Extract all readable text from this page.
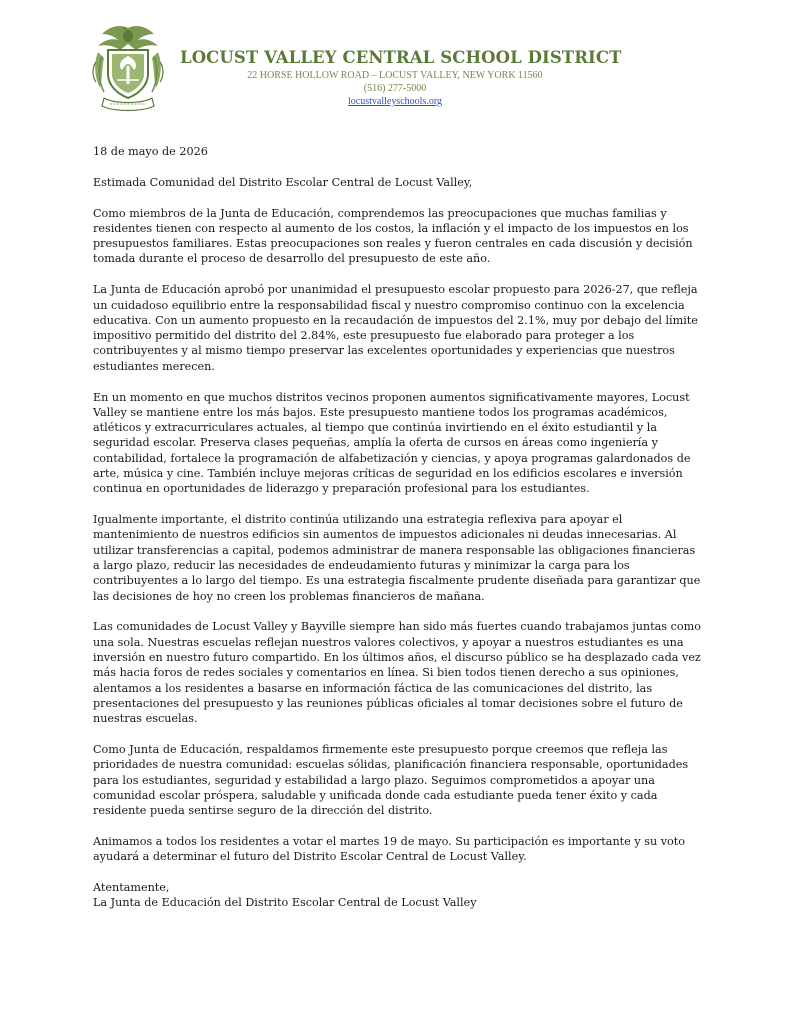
LOCUST VALLEY CENTRAL SCHOOL DISTRICT
22 HORSE HOLLOW ROAD – LOCUST VALLEY, NEW YORK 11560
(516) 277-5000
locustvalleyschools.org

18 de mayo de 2026

Estimada Comunidad del Distrito Escolar Central de Locust Valley,

Como miembros de la Junta de Educación, comprendemos las preocupaciones que muchas familias y residentes tienen con respecto al aumento de los costos, la inflación y el impacto de los impuestos en los presupuestos familiares. Estas preocupaciones son reales y fueron centrales en cada discusión y decisión tomada durante el proceso de desarrollo del presupuesto de este año.

La Junta de Educación aprobó por unanimidad el presupuesto escolar propuesto para 2026-27, que refleja un cuidadoso equilibrio entre la responsabilidad fiscal y nuestro compromiso continuo con la excelencia educativa. Con un aumento propuesto en la recaudación de impuestos del 2.1%, muy por debajo del límite impositivo permitido del distrito del 2.84%, este presupuesto fue elaborado para proteger a los contribuyentes y al mismo tiempo preservar las excelentes oportunidades y experiencias que nuestros estudiantes merecen.

En un momento en que muchos distritos vecinos proponen aumentos significativamente mayores, Locust Valley se mantiene entre los más bajos. Este presupuesto mantiene todos los programas académicos, atléticos y extracurriculares actuales, al tiempo que continúa invirtiendo en el éxito estudiantil y la seguridad escolar. Preserva clases pequeñas, amplía la oferta de cursos en áreas como ingeniería y contabilidad, fortalece la programación de alfabetización y ciencias, y apoya programas galardonados de arte, música y cine. También incluye mejoras críticas de seguridad en los edificios escolares e inversión continua en oportunidades de liderazgo y preparación profesional para los estudiantes.

Igualmente importante, el distrito continúa utilizando una estrategia reflexiva para apoyar el mantenimiento de nuestros edificios sin aumentos de impuestos adicionales ni deudas innecesarias. Al utilizar transferencias a capital, podemos administrar de manera responsable las obligaciones financieras a largo plazo, reducir las necesidades de endeudamiento futuras y minimizar la carga para los contribuyentes a lo largo del tiempo. Es una estrategia fiscalmente prudente diseñada para garantizar que las decisiones de hoy no creen los problemas financieros de mañana.

Las comunidades de Locust Valley y Bayville siempre han sido más fuertes cuando trabajamos juntas como una sola. Nuestras escuelas reflejan nuestros valores colectivos, y apoyar a nuestros estudiantes es una inversión en nuestro futuro compartido. En los últimos años, el discurso público se ha desplazado cada vez más hacia foros de redes sociales y comentarios en línea. Si bien todos tienen derecho a sus opiniones, alentamos a los residentes a basarse en información fáctica de las comunicaciones del distrito, las presentaciones del presupuesto y las reuniones públicas oficiales al tomar decisiones sobre el futuro de nuestras escuelas.

Como Junta de Educación, respaldamos firmemente este presupuesto porque creemos que refleja las prioridades de nuestra comunidad: escuelas sólidas, planificación financiera responsable, oportunidades para los estudiantes, seguridad y estabilidad a largo plazo. Seguimos comprometidos a apoyar una comunidad escolar próspera, saludable y unificada donde cada estudiante pueda tener éxito y cada residente pueda sentirse seguro de la dirección del distrito.

Animamos a todos los residentes a votar el martes 19 de mayo. Su participación es importante y su voto ayudará a determinar el futuro del Distrito Escolar Central de Locust Valley.

Atentamente,

La Junta de Educación del Distrito Escolar Central de Locust Valley
